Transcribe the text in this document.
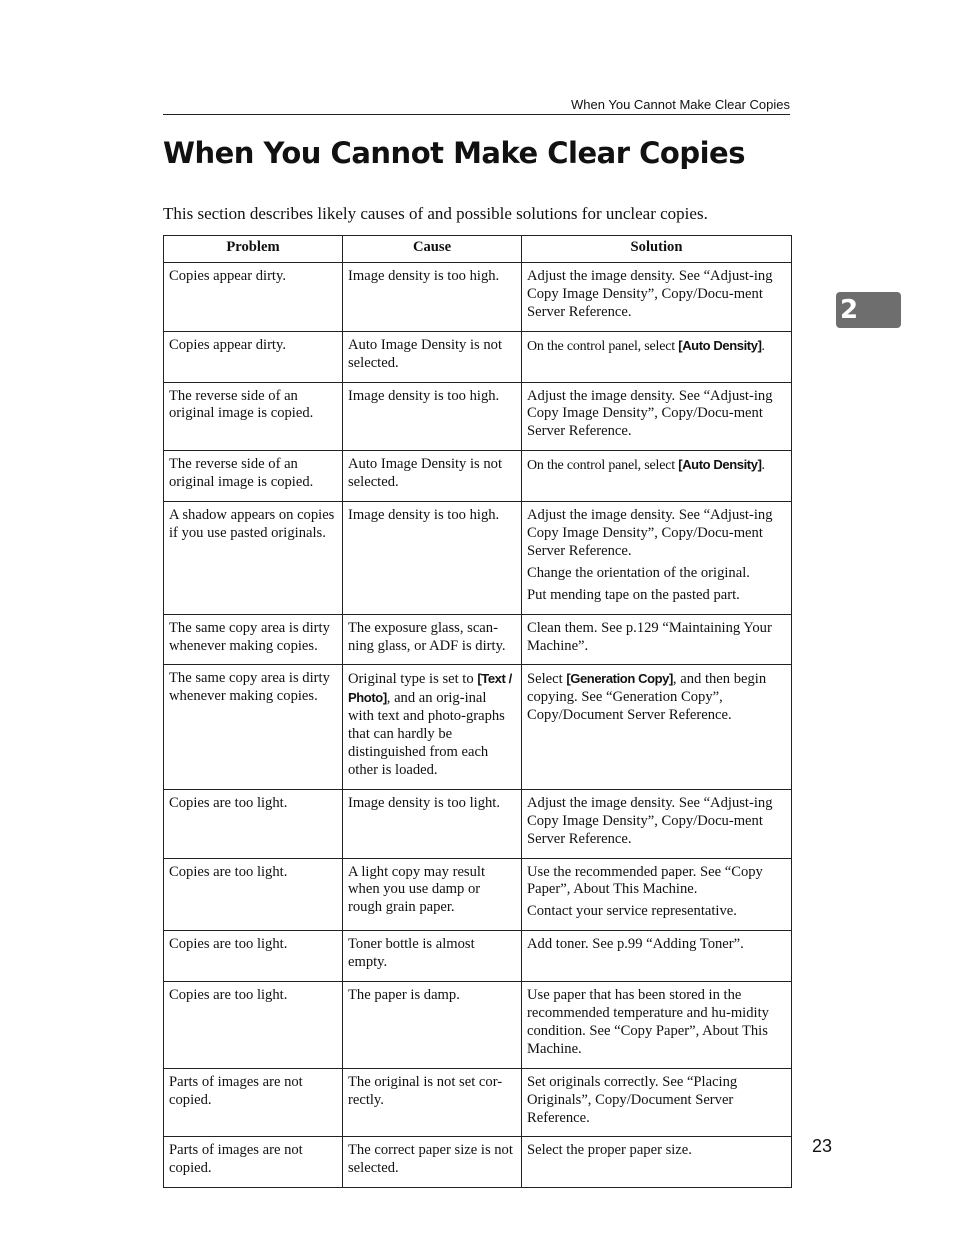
When You Cannot Make Clear Copies
When You Cannot Make Clear Copies
This section describes likely causes of and possible solutions for unclear copies.
2
Problem	Cause	Solution
Copies appear dirty.	Image density is too high.	Adjust the image density. See “Adjust-ing Copy Image Density”, Copy/Docu-ment Server Reference.

Copies appear dirty.	Auto Image Density is not selected.	On the control panel, select [Auto Density].
The reverse side of an original image is copied.	Image density is too high.	Adjust the image density. See “Adjust-ing Copy Image Density”, Copy/Docu-ment Server Reference.

The reverse side of an original image is copied.	Auto Image Density is not selected.	On the control panel, select [Auto Density].
A shadow appears on copies if you use pasted originals.	Image density is too high.	Adjust the image density. See “Adjust-ing Copy Image Density”, Copy/Docu-ment Server Reference.

Change the orientation of the original.

Put mending tape on the pasted part.

The same copy area is dirty whenever making copies.	The exposure glass, scan-ning glass, or ADF is dirty.	Clean them. See p.129 “Maintaining Your Machine”.

The same copy area is dirty whenever making copies.	Original type is set to [Text / Photo], and an orig-inal with text and photo-graphs that can hardly be distinguished from each other is loaded.	Select [Generation Copy], and then begin copying. See “Generation Copy”, Copy/Document Server Reference.
Copies are too light.	Image density is too light.	Adjust the image density. See “Adjust-ing Copy Image Density”, Copy/Docu-ment Server Reference.

Copies are too light.	A light copy may result when you use damp or rough grain paper.	Use the recommended paper. See “Copy Paper”, About This Machine.

Contact your service representative.

Copies are too light.	Toner bottle is almost empty.	Add toner. See p.99 “Adding Toner”.

Copies are too light.	The paper is damp.	Use paper that has been stored in the recommended temperature and hu-midity condition. See “Copy Paper”, About This Machine.

Parts of images are not copied.	The original is not set cor-rectly.	Set originals correctly. See “Placing Originals”, Copy/Document Server Reference.

Parts of images are not copied.	The correct paper size is not selected.	Select the proper paper size.	23
